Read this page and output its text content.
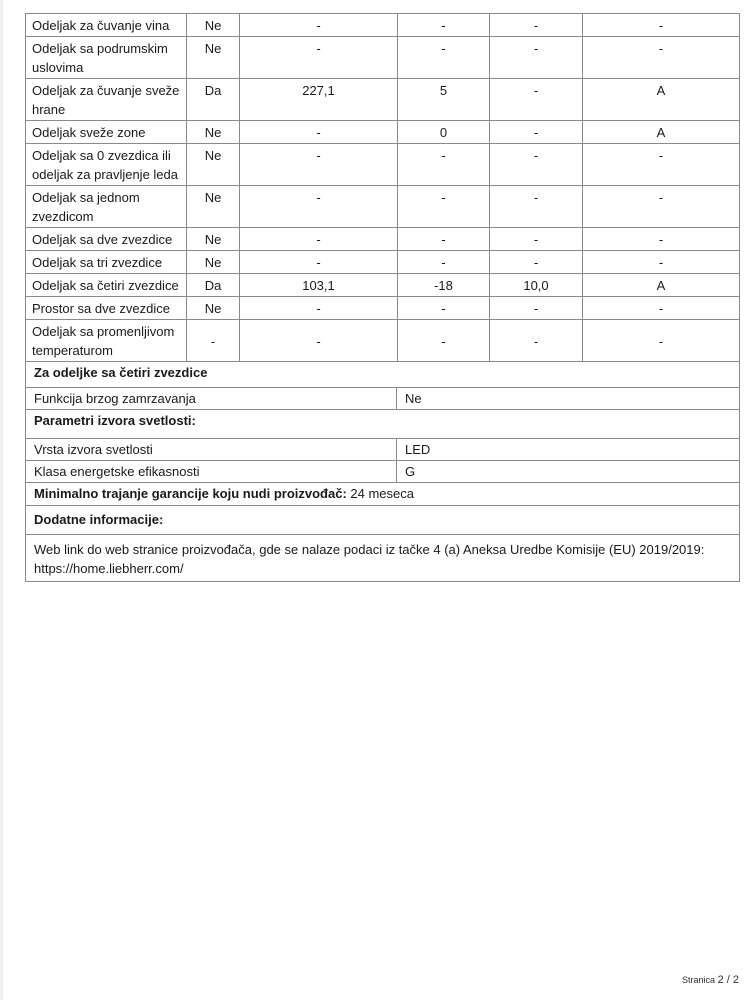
Odeljak za čuvanje vina	Ne	-	-	-	-
Odeljak sa podrumskim uslovima	Ne	-	-	-	-
Odeljak za čuvanje sveže hrane	Da	227,1	5	-	A
Odeljak sveže zone	Ne	-	0	-	A
Odeljak sa 0 zvezdica ili odeljak za pravljenje leda	Ne	-	-	-	-
Odeljak sa jednom zvezdicom	Ne	-	-	-	-
Odeljak sa dve zvezdice	Ne	-	-	-	-
Odeljak sa tri zvezdice	Ne	-	-	-	-
Odeljak sa četiri zvezdice	Da	103,1	-18	10,0	A
Prostor sa dve zvezdice	Ne	-	-	-	-
Odeljak sa promenljivom temperaturom	-	-	-	-	-
Za odeljke sa četiri zvezdice	
Funkcija brzog zamrzavanja	Ne
Parametri izvora svetlosti:	
Vrsta izvora svetlosti	LED
Klasa energetske efikasnosti	G
Minimalno trajanje garancije koju nudi proizvođač: 24 meseca	
Dodatne informacije:	
Web link do web stranice proizvođača, gde se nalaze podaci iz tačke 4 (a) Aneksa Uredbe Komisije (EU) 2019/2019: https://home.liebherr.com/	
Stranica 2 / 2
